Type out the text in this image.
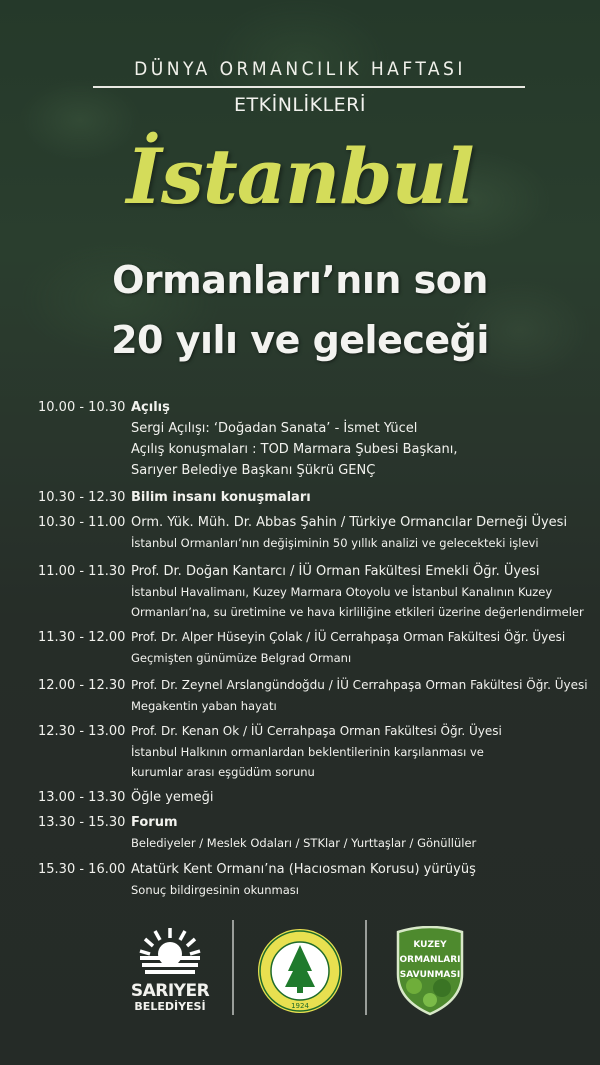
DÜNYA ORMANCILIK HAFTASI
ETKİNLİKLERİ
İstanbul
Ormanları’nın son
20 yılı ve geleceği
10.00 - 10.30 Açılış
Sergi Açılışı: ‘Doğadan Sanata’ - İsmet Yücel
Açılış konuşmaları : TOD Marmara Şubesi Başkanı,
Sarıyer Belediye Başkanı Şükrü GENÇ
10.30 - 12.30 Bilim insanı konuşmaları
10.30 - 11.00 Orm. Yük. Müh. Dr. Abbas Şahin / Türkiye Ormancılar Derneği Üyesi
İstanbul Ormanları’nın değişiminin 50 yıllık analizi ve gelecekteki işlevi
11.00 - 11.30 Prof. Dr. Doğan Kantarcı / İÜ Orman Fakültesi Emekli Öğr. Üyesi
İstanbul Havalimanı, Kuzey Marmara Otoyolu ve İstanbul Kanalının Kuzey
Ormanları’na, su üretimine ve hava kirliliğine etkileri üzerine değerlendirmeler
11.30 - 12.00 Prof. Dr. Alper Hüseyin Çolak / İÜ Cerrahpaşa Orman Fakültesi Öğr. Üyesi
Geçmişten günümüze Belgrad Ormanı
12.00 - 12.30 Prof. Dr. Zeynel Arslangündoğdu / İÜ Cerrahpaşa Orman Fakültesi Öğr. Üyesi
Megakentin yaban hayatı
12.30 - 13.00 Prof. Dr. Kenan Ok / İÜ Cerrahpaşa Orman Fakültesi Öğr. Üyesi
İstanbul Halkının ormanlardan beklentilerinin karşılanması ve
kurumlar arası eşgüdüm sorunu
13.00 - 13.30 Öğle yemeği
13.30 - 15.30 Forum
Belediyeler / Meslek Odaları / STKlar / Yurttaşlar / Gönüllüler
15.30 - 16.00 Atatürk Kent Ormanı’na (Hacıosman Korusu) yürüyüş
Sonuç bildirgesinin okunması
SARIYER
BELEDİYESİ	1924
KUZEY
ORMANLARI
SAVUNMASI
